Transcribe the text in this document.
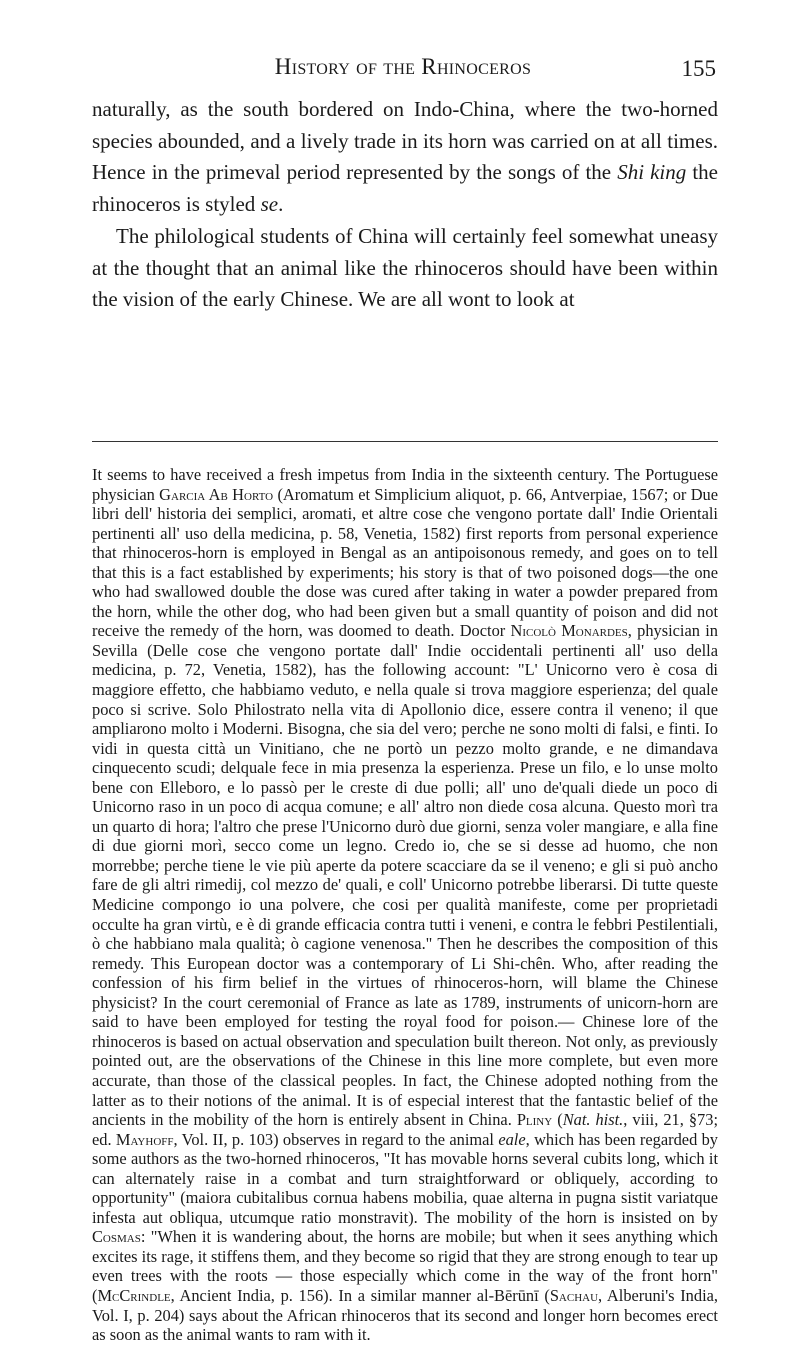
History of the Rhinoceros	155

naturally, as the south bordered on Indo-China, where the two-horned species abounded, and a lively trade in its horn was carried on at all times. Hence in the primeval period represented by the songs of the Shi king the rhinoceros is styled se.

The philological students of China will certainly feel somewhat uneasy at the thought that an animal like the rhinoceros should have been within the vision of the early Chinese. We are all wont to look at

It seems to have received a fresh impetus from India in the sixteenth century. The Portuguese physician Garcia Ab Horto (Aromatum et Simplicium aliquot, p. 66, Antverpiae, 1567; or Due libri dell' historia dei semplici, aromati, et altre cose che vengono portate dall' Indie Orientali pertinenti all' uso della medicina, p. 58, Venetia, 1582) first reports from personal experience that rhinoceros-horn is employed in Bengal as an antipoisonous remedy, and goes on to tell that this is a fact established by experiments; his story is that of two poisoned dogs—the one who had swallowed double the dose was cured after taking in water a powder prepared from the horn, while the other dog, who had been given but a small quantity of poison and did not receive the remedy of the horn, was doomed to death. Doctor Nicolò Monardes, physician in Sevilla (Delle cose che vengono portate dall' Indie occidentali pertinenti all' uso della medicina, p. 72, Venetia, 1582), has the following account: "L' Unicorno vero è cosa di maggiore effetto, che habbiamo veduto, e nella quale si trova maggiore esperienza; del quale poco si scrive. Solo Philostrato nella vita di Apollonio dice, essere contra il veneno; il que ampliarono molto i Moderni. Bisogna, che sia del vero; perche ne sono molti di falsi, e finti. Io vidi in questa città un Vinitiano, che ne portò un pezzo molto grande, e ne dimandava cinquecento scudi; delquale fece in mia presenza la esperienza. Prese un filo, e lo unse molto bene con Elleboro, e lo passò per le creste di due polli; all' uno de'quali diede un poco di Unicorno raso in un poco di acqua comune; e all' altro non diede cosa alcuna. Questo morì tra un quarto di hora; l'altro che prese l'Unicorno durò due giorni, senza voler mangiare, e alla fine di due giorni morì, secco come un legno. Credo io, che se si desse ad huomo, che non morrebbe; perche tiene le vie più aperte da potere scacciare da se il veneno; e gli si può ancho fare de gli altri rimedij, col mezzo de' quali, e coll' Unicorno potrebbe liberarsi. Di tutte queste Medicine compongo io una polvere, che cosi per qualità manifeste, come per proprietadi occulte ha gran virtù, e è di grande efficacia contra tutti i veneni, e contra le febbri Pestilentiali, ò che habbiano mala qualità; ò cagione venenosa." Then he describes the composition of this remedy. This European doctor was a contemporary of Li Shi-chên. Who, after reading the confession of his firm belief in the virtues of rhinoceros-horn, will blame the Chinese physicist? In the court ceremonial of France as late as 1789, instruments of unicorn-horn are said to have been employed for testing the royal food for poison.— Chinese lore of the rhinoceros is based on actual observation and speculation built thereon. Not only, as previously pointed out, are the observations of the Chinese in this line more complete, but even more accurate, than those of the classical peoples. In fact, the Chinese adopted nothing from the latter as to their notions of the animal. It is of especial interest that the fantastic belief of the ancients in the mobility of the horn is entirely absent in China. Pliny (Nat. hist., viii, 21, §73; ed. Mayhoff, Vol. II, p. 103) observes in regard to the animal eale, which has been regarded by some authors as the two-horned rhinoceros, "It has movable horns several cubits long, which it can alternately raise in a combat and turn straightforward or obliquely, according to opportunity" (maiora cubitalibus cornua habens mobilia, quae alterna in pugna sistit variatque infesta aut obliqua, utcumque ratio monstravit). The mobility of the horn is insisted on by Cosmas: "When it is wandering about, the horns are mobile; but when it sees anything which excites its rage, it stiffens them, and they become so rigid that they are strong enough to tear up even trees with the roots — those especially which come in the way of the front horn" (McCrindle, Ancient India, p. 156). In a similar manner al-Bērūnī (Sachau, Alberuni's India, Vol. I, p. 204) says about the African rhinoceros that its second and longer horn becomes erect as soon as the animal wants to ram with it.
